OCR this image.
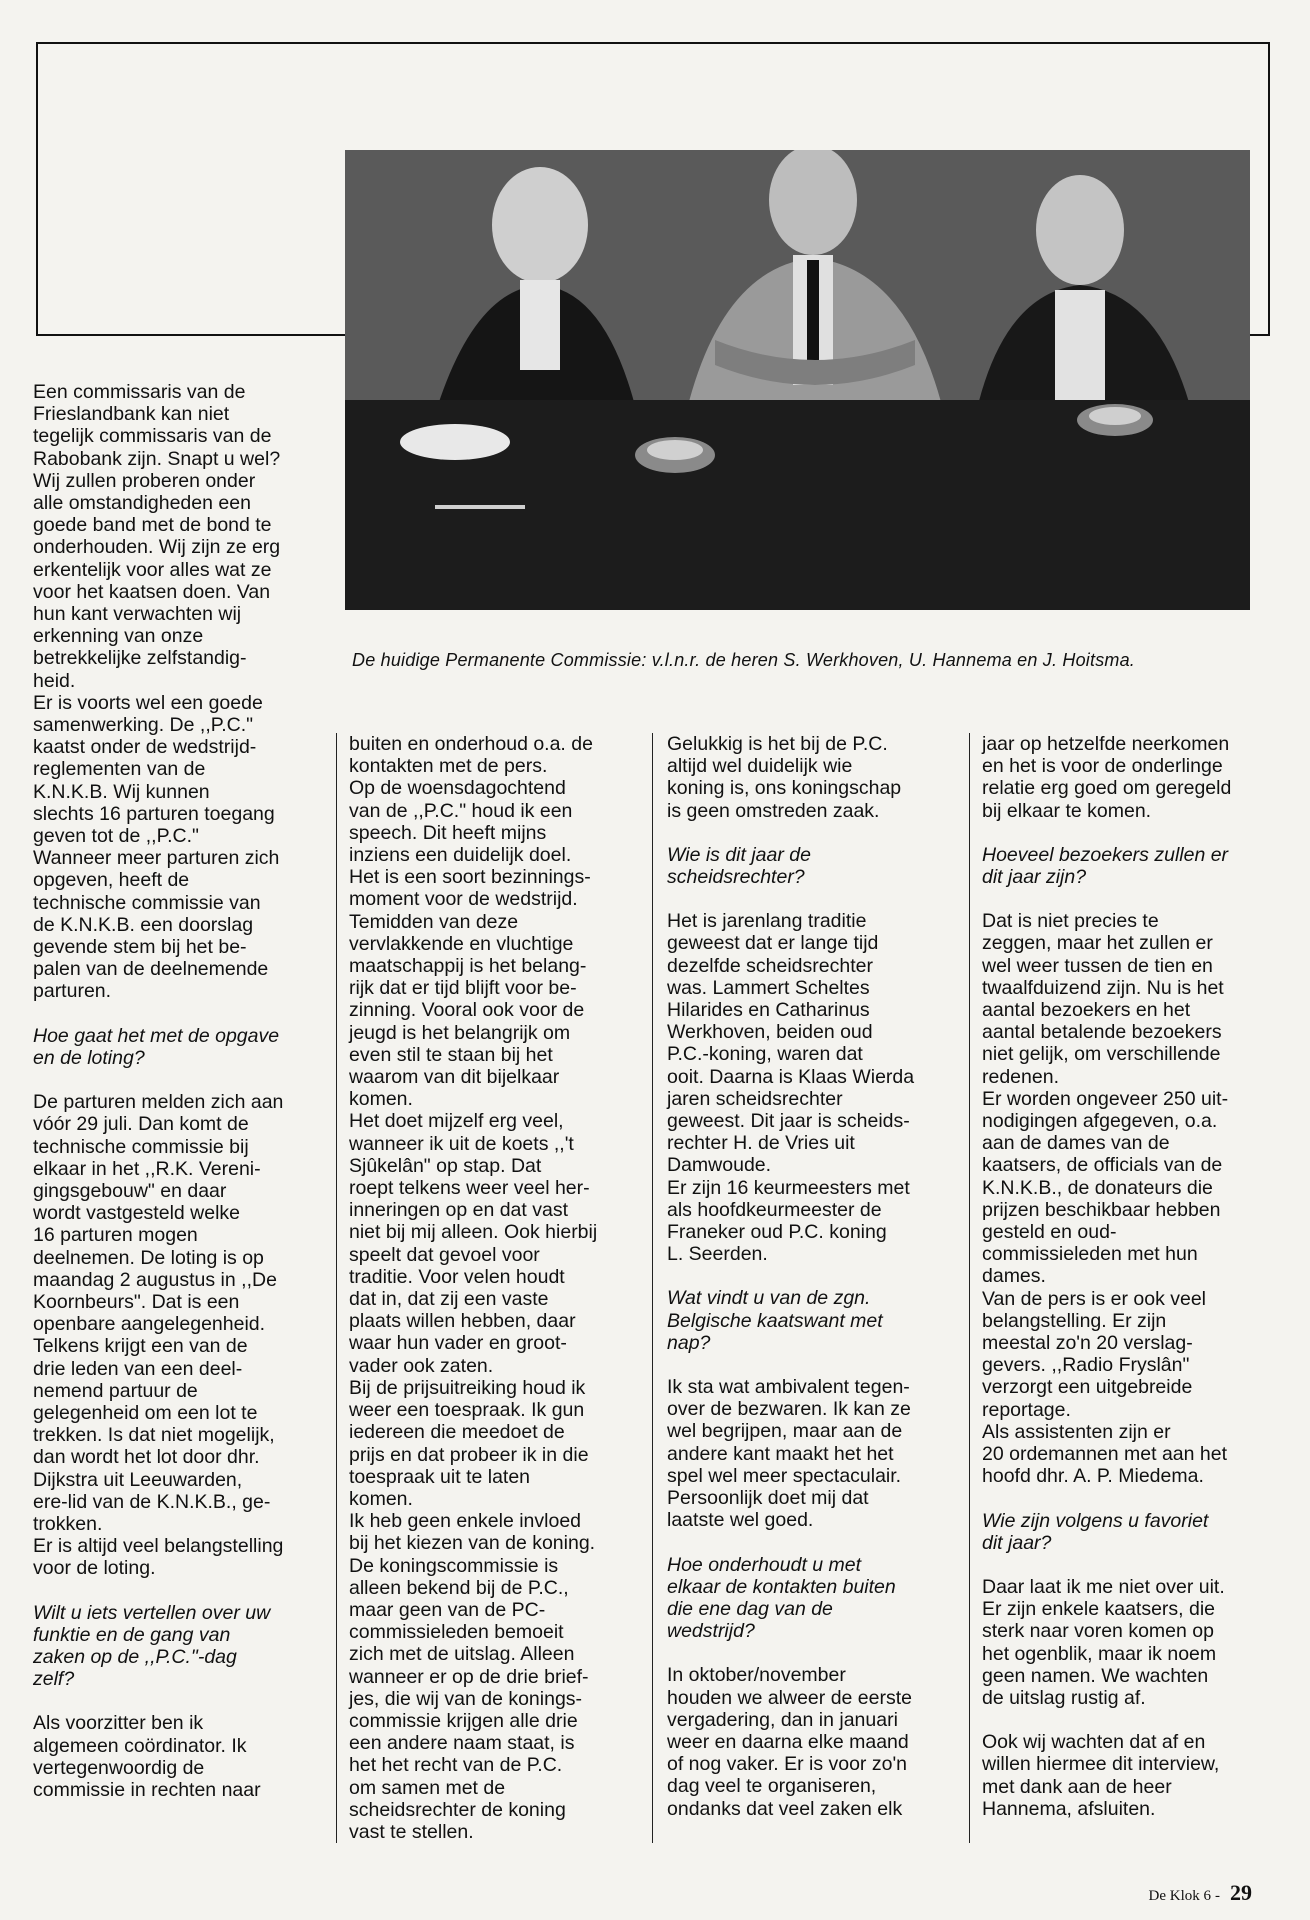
De huidige Permanente Commissie: v.l.n.r. de heren S. Werkhoven, U. Hannema en J. Hoitsma.

Een commissaris van de
Frieslandbank kan niet
tegelijk commissaris van de
Rabobank zijn. Snapt u wel?
Wij zullen proberen onder
alle omstandigheden een
goede band met de bond te
onderhouden. Wij zijn ze erg
erkentelijk voor alles wat ze
voor het kaatsen doen. Van
hun kant verwachten wij
erkenning van onze
betrekkelijke zelfstandig-
heid.
Er is voorts wel een goede
samenwerking. De ,,P.C."
kaatst onder de wedstrijd-
reglementen van de
K.N.K.B. Wij kunnen
slechts 16 parturen toegang
geven tot de ,,P.C."
Wanneer meer parturen zich
opgeven, heeft de
technische commissie van
de K.N.K.B. een doorslag
gevende stem bij het be-
palen van de deelnemende
parturen.

Hoe gaat het met de opgave
en de loting?

De parturen melden zich aan
vóór 29 juli. Dan komt de
technische commissie bij
elkaar in het ,,R.K. Vereni-
gingsgebouw" en daar
wordt vastgesteld welke
16 parturen mogen
deelnemen. De loting is op
maandag 2 augustus in ,,De
Koornbeurs". Dat is een
openbare aangelegenheid.
Telkens krijgt een van de
drie leden van een deel-
nemend partuur de
gelegenheid om een lot te
trekken. Is dat niet mogelijk,
dan wordt het lot door dhr.
Dijkstra uit Leeuwarden,
ere-lid van de K.N.K.B., ge-
trokken.
Er is altijd veel belangstelling
voor de loting.

Wilt u iets vertellen over uw
funktie en de gang van
zaken op de ,,P.C."-dag
zelf?

Als voorzitter ben ik
algemeen coördinator. Ik
vertegenwoordig de
commissie in rechten naar

buiten en onderhoud o.a. de
kontakten met de pers.
Op de woensdagochtend
van de ,,P.C." houd ik een
speech. Dit heeft mijns
inziens een duidelijk doel.
Het is een soort bezinnings-
moment voor de wedstrijd.
Temidden van deze
vervlakkende en vluchtige
maatschappij is het belang-
rijk dat er tijd blijft voor be-
zinning. Vooral ook voor de
jeugd is het belangrijk om
even stil te staan bij het
waarom van dit bijelkaar
komen.
Het doet mijzelf erg veel,
wanneer ik uit de koets ,,'t
Sjûkelân" op stap. Dat
roept telkens weer veel her-
inneringen op en dat vast
niet bij mij alleen. Ook hierbij
speelt dat gevoel voor
traditie. Voor velen houdt
dat in, dat zij een vaste
plaats willen hebben, daar
waar hun vader en groot-
vader ook zaten.
Bij de prijsuitreiking houd ik
weer een toespraak. Ik gun
iedereen die meedoet de
prijs en dat probeer ik in die
toespraak uit te laten
komen.
Ik heb geen enkele invloed
bij het kiezen van de koning.
De koningscommissie is
alleen bekend bij de P.C.,
maar geen van de PC-
commissieleden bemoeit
zich met de uitslag. Alleen
wanneer er op de drie brief-
jes, die wij van de konings-
commissie krijgen alle drie
een andere naam staat, is
het het recht van de P.C.
om samen met de
scheidsrechter de koning
vast te stellen.

Gelukkig is het bij de P.C.
altijd wel duidelijk wie
koning is, ons koningschap
is geen omstreden zaak.

Wie is dit jaar de
scheidsrechter?

Het is jarenlang traditie
geweest dat er lange tijd
dezelfde scheidsrechter
was. Lammert Scheltes
Hilarides en Catharinus
Werkhoven, beiden oud
P.C.-koning, waren dat
ooit. Daarna is Klaas Wierda
jaren scheidsrechter
geweest. Dit jaar is scheids-
rechter H. de Vries uit
Damwoude.
Er zijn 16 keurmeesters met
als hoofdkeurmeester de
Franeker oud P.C. koning
L. Seerden.

Wat vindt u van de zgn.
Belgische kaatswant met
nap?

Ik sta wat ambivalent tegen-
over de bezwaren. Ik kan ze
wel begrijpen, maar aan de
andere kant maakt het het
spel wel meer spectaculair.
Persoonlijk doet mij dat
laatste wel goed.

Hoe onderhoudt u met
elkaar de kontakten buiten
die ene dag van de
wedstrijd?

In oktober/november
houden we alweer de eerste
vergadering, dan in januari
weer en daarna elke maand
of nog vaker. Er is voor zo'n
dag veel te organiseren,
ondanks dat veel zaken elk

jaar op hetzelfde neerkomen
en het is voor de onderlinge
relatie erg goed om geregeld
bij elkaar te komen.

Hoeveel bezoekers zullen er
dit jaar zijn?

Dat is niet precies te
zeggen, maar het zullen er
wel weer tussen de tien en
twaalfduizend zijn. Nu is het
aantal bezoekers en het
aantal betalende bezoekers
niet gelijk, om verschillende
redenen.
Er worden ongeveer 250 uit-
nodigingen afgegeven, o.a.
aan de dames van de
kaatsers, de officials van de
K.N.K.B., de donateurs die
prijzen beschikbaar hebben
gesteld en oud-
commissieleden met hun
dames.
Van de pers is er ook veel
belangstelling. Er zijn
meestal zo'n 20 verslag-
gevers. ,,Radio Fryslân"
verzorgt een uitgebreide
reportage.
Als assistenten zijn er
20 ordemannen met aan het
hoofd dhr. A. P. Miedema.

Wie zijn volgens u favoriet
dit jaar?

Daar laat ik me niet over uit.
Er zijn enkele kaatsers, die
sterk naar voren komen op
het ogenblik, maar ik noem
geen namen. We wachten
de uitslag rustig af.

Ook wij wachten dat af en
willen hiermee dit interview,
met dank aan de heer
Hannema, afsluiten.

De Klok 6 - 29
